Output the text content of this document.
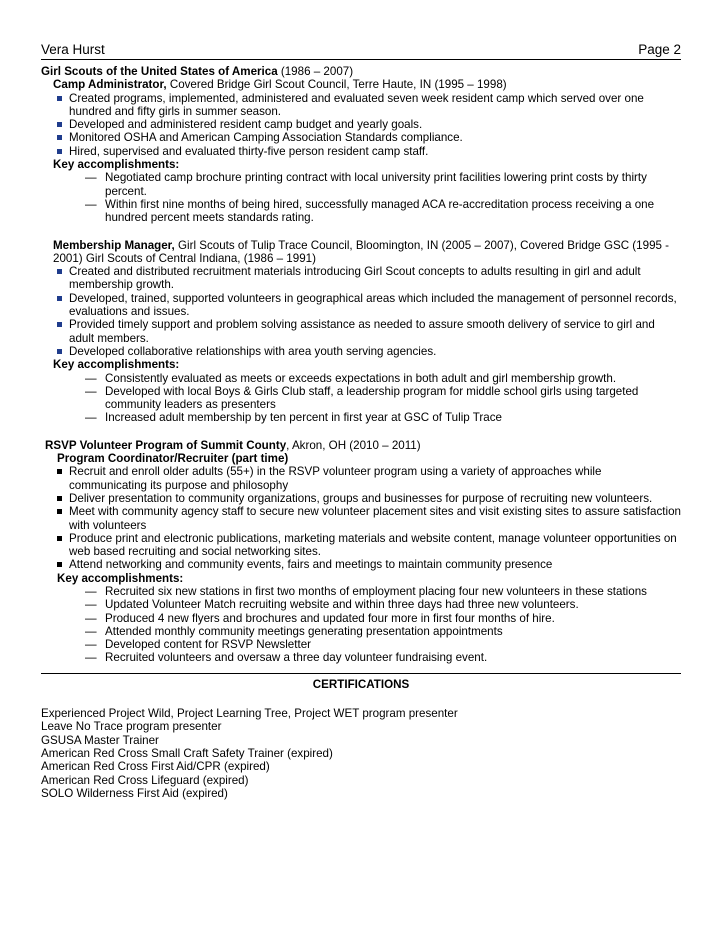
Vera Hurst	Page 2

Girl Scouts of the United States of America (1986 – 2007)

Camp Administrator, Covered Bridge Girl Scout Council, Terre Haute, IN (1995 – 1998)

Created programs, implemented, administered and evaluated seven week resident camp which served over one hundred and fifty girls in summer season.
Developed and administered resident camp budget and yearly goals.
Monitored OSHA and American Camping Association Standards compliance.
Hired, supervised and evaluated thirty-five person resident camp staff.

Key accomplishments:

— Negotiated camp brochure printing contract with local university print facilities lowering print costs by thirty percent.
— Within first nine months of being hired, successfully managed ACA re-accreditation process receiving a one hundred percent meets standards rating.

Membership Manager, Girl Scouts of Tulip Trace Council, Bloomington, IN (2005 – 2007), Covered Bridge GSC (1995 - 2001) Girl Scouts of Central Indiana, (1986 – 1991)

Created and distributed recruitment materials introducing Girl Scout concepts to adults resulting in girl and adult membership growth.
Developed, trained, supported volunteers in geographical areas which included the management of personnel records, evaluations and issues.
Provided timely support and problem solving assistance as needed to assure smooth delivery of service to girl and adult members.
Developed collaborative relationships with area youth serving agencies.

Key accomplishments:

— Consistently evaluated as meets or exceeds expectations in both adult and girl membership growth.
— Developed with local Boys & Girls Club staff, a leadership program for middle school girls using targeted community leaders as presenters
— Increased adult membership by ten percent in first year at GSC of Tulip Trace

RSVP Volunteer Program of Summit County, Akron, OH (2010 – 2011)

Program Coordinator/Recruiter (part time)

Recruit and enroll older adults (55+) in the RSVP volunteer program using a variety of approaches while communicating its purpose and philosophy
Deliver presentation to community organizations, groups and businesses for purpose of recruiting new volunteers.
Meet with community agency staff to secure new volunteer placement sites and visit existing sites to assure satisfaction with volunteers
Produce print and electronic publications, marketing materials and website content, manage volunteer opportunities on web based recruiting and social networking sites.
Attend networking and community events, fairs and meetings to maintain community presence

Key accomplishments:

— Recruited six new stations in first two months of employment placing four new volunteers in these stations
— Updated Volunteer Match recruiting website and within three days had three new volunteers.
— Produced 4 new flyers and brochures and updated four more in first four months of hire.
— Attended monthly community meetings generating presentation appointments
— Developed content for RSVP Newsletter
— Recruited volunteers and oversaw a three day volunteer fundraising event.

CERTIFICATIONS

Experienced Project Wild, Project Learning Tree, Project WET program presenter

Leave No Trace program presenter

GSUSA Master Trainer

American Red Cross Small Craft Safety Trainer (expired)

American Red Cross First Aid/CPR (expired)

American Red Cross Lifeguard (expired)

SOLO Wilderness First Aid (expired)
